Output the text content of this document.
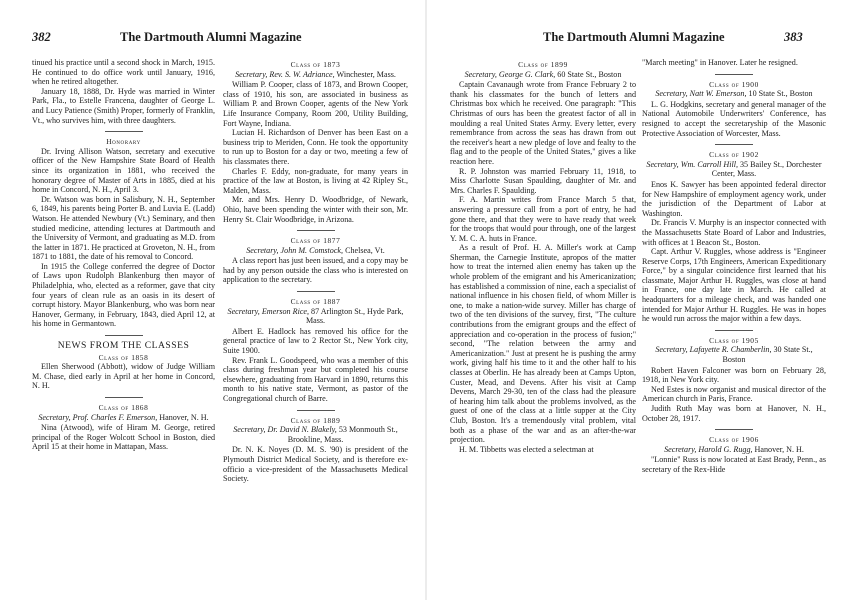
382	The Dartmouth Alumni Magazine

tinued his practice until a second shock in March, 1915. He continued to do office work until January, 1916, when he retired altogether.

January 18, 1888, Dr. Hyde was married in Winter Park, Fla., to Estelle Francena, daughter of George L. and Lucy Patience (Smith) Proper, formerly of Franklin, Vt., who survives him, with three daughters.

Honorary

Dr. Irving Allison Watson, secretary and executive officer of the New Hampshire State Board of Health since its organization in 1881, who received the honorary degree of Master of Arts in 1885, died at his home in Concord, N. H., April 3.

Dr. Watson was born in Salisbury, N. H., September 6, 1849, his parents being Porter B. and Luvia E. (Ladd) Watson. He attended Newbury (Vt.) Seminary, and then studied medicine, attending lectures at Dartmouth and the University of Vermont, and graduating as M.D. from the latter in 1871. He practiced at Groveton, N. H., from 1871 to 1881, the date of his removal to Concord.

In 1915 the College conferred the degree of Doctor of Laws upon Rudolph Blankenburg then mayor of Philadelphia, who, elected as a reformer, gave that city four years of clean rule as an oasis in its desert of corrupt history. Mayor Blankenburg, who was born near Hanover, Germany, in February, 1843, died April 12, at his home in Germantown.

NEWS FROM THE CLASSES

Class of 1858

Ellen Sherwood (Abbott), widow of Judge William M. Chase, died early in April at her home in Concord, N. H.

Class of 1868

Secretary, Prof. Charles F. Emerson, Hanover, N. H.

Nina (Atwood), wife of Hiram M. George, retired principal of the Roger Wolcott School in Boston, died April 15 at their home in Mattapan, Mass.

Class of 1873

Secretary, Rev. S. W. Adriance, Winchester, Mass.

William P. Cooper, class of 1873, and Brown Cooper, class of 1910, his son, are associated in business as William P. and Brown Cooper, agents of the New York Life Insurance Company, Room 200, Utility Building, Fort Wayne, Indiana.

Lucian H. Richardson of Denver has been East on a business trip to Meriden, Conn. He took the opportunity to run up to Boston for a day or two, meeting a few of his classmates there.

Charles F. Eddy, non-graduate, for many years in practice of the law at Boston, is living at 42 Ripley St., Malden, Mass.

Mr. and Mrs. Henry D. Woodbridge, of Newark, Ohio, have been spending the winter with their son, Mr. Henry St. Clair Woodbridge, in Arizona.

Class of 1877

Secretary, John M. Comstock, Chelsea, Vt.

A class report has just been issued, and a copy may be had by any person outside the class who is interested on application to the secretary.

Class of 1887

Secretary, Emerson Rice, 87 Arlington St., Hyde Park, Mass.

Albert E. Hadlock has removed his office for the general practice of law to 2 Rector St., New York city, Suite 1900.

Rev. Frank L. Goodspeed, who was a member of this class during freshman year but completed his course elsewhere, graduating from Harvard in 1890, returns this month to his native state, Vermont, as pastor of the Congregational church of Barre.

Class of 1889

Secretary, Dr. David N. Blakely, 53 Monmouth St., Brookline, Mass.

Dr. N. K. Noyes (D. M. S. '90) is president of the Plymouth District Medical Society, and is therefore ex-officio a vice-president of the Massachusetts Medical Society.

The Dartmouth Alumni Magazine	383

Class of 1899

Secretary, George G. Clark, 60 State St., Boston

Captain Cavanaugh wrote from France February 2 to thank his classmates for the bunch of letters and Christmas box which he received. One paragraph: "This Christmas of ours has been the greatest factor of all in moulding a real United States Army. Every letter, every remembrance from across the seas has drawn from out the receiver's heart a new pledge of love and fealty to the flag and to the people of the United States," gives a like reaction here.

R. P. Johnston was married February 11, 1918, to Miss Charlotte Susan Spaulding, daughter of Mr. and Mrs. Charles F. Spaulding.

F. A. Martin writes from France March 5 that, answering a pressure call from a port of entry, he had gone there, and that they were to have ready that week for the troops that would pour through, one of the largest Y. M. C. A. huts in France.

As a result of Prof. H. A. Miller's work at Camp Sherman, the Carnegie Institute, apropos of the matter how to treat the interned alien enemy has taken up the whole problem of the emigrant and his Americanization; has established a commission of nine, each a specialist of national influence in his chosen field, of whom Miller is one, to make a nation-wide survey. Miller has charge of two of the ten divisions of the survey, first, "The culture contributions from the emigrant groups and the effect of appreciation and co-operation in the process of fusion;" second, "The relation between the army and Americanization." Just at present he is pushing the army work, giving half his time to it and the other half to his classes at Oberlin. He has already been at Camps Upton, Custer, Mead, and Devens. After his visit at Camp Devens, March 29-30, ten of the class had the pleasure of hearing him talk about the problems involved, as the guest of one of the class at a little supper at the City Club, Boston. It's a tremendously vital problem, vital both as a phase of the war and as an after-the-war projection.

H. M. Tibbetts was elected a selectman at

"March meeting" in Hanover. Later he resigned.

Class of 1900

Secretary, Natt W. Emerson, 10 State St., Boston

L. G. Hodgkins, secretary and general manager of the National Automobile Underwriters' Conference, has resigned to accept the secretaryship of the Masonic Protective Association of Worcester, Mass.

Class of 1902

Secretary, Wm. Carroll Hill, 35 Bailey St., Dorchester Center, Mass.

Enos K. Sawyer has been appointed federal director for New Hampshire of employment agency work, under the jurisdiction of the Department of Labor at Washington.

Dr. Francis V. Murphy is an inspector connected with the Massachusetts State Board of Labor and Industries, with offices at 1 Beacon St., Boston.

Capt. Arthur V. Ruggles, whose address is "Engineer Reserve Corps, 17th Engineers, American Expeditionary Force," by a singular coincidence first learned that his classmate, Major Arthur H. Ruggles, was close at hand in France, one day late in March. He called at headquarters for a mileage check, and was handed one intended for Major Arthur H. Ruggles. He was in hopes he would run across the major within a few days.

Class of 1905

Secretary, Lafayette R. Chamberlin, 30 State St., Boston

Robert Haven Falconer was born on February 28, 1918, in New York city.

Ned Estes is now organist and musical director of the American church in Paris, France.

Judith Ruth May was born at Hanover, N. H., October 28, 1917.

Class of 1906

Secretary, Harold G. Rugg, Hanover, N. H.

"Lonnie" Russ is now located at East Brady, Penn., as secretary of the Rex-Hide
